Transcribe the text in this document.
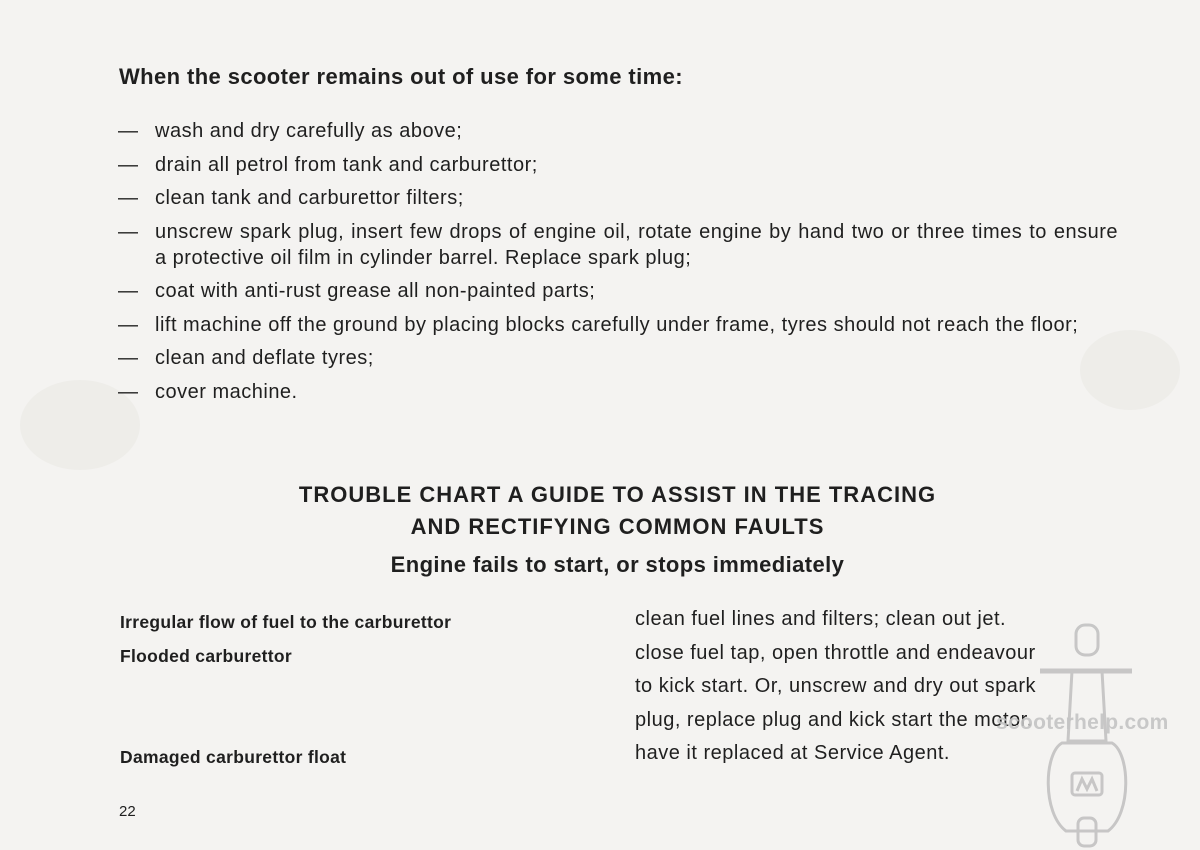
When the scooter remains out of use for some time:
— wash and dry carefully as above;
— drain all petrol from tank and carburettor;
— clean tank and carburettor filters;
— unscrew spark plug, insert few drops of engine oil, rotate engine by hand two or three times to ensure a protective oil film in cylinder barrel. Replace spark plug;
— coat with anti-rust grease all non-painted parts;
— lift machine off the ground by placing blocks carefully under frame, tyres should not reach the floor;
— clean and deflate tyres;
— cover machine.
TROUBLE CHART A GUIDE TO ASSIST IN THE TRACING
AND RECTIFYING COMMON FAULTS
Engine fails to start, or stops immediately
Irregular flow of fuel to the carburettor
Flooded carburettor
Damaged carburettor float
clean fuel lines and filters; clean out jet.
close fuel tap, open throttle and endeavour
to kick start. Or, unscrew and dry out spark
plug, replace plug and kick start the motor.
have it replaced at Service Agent.
22
scooterhelp.com
